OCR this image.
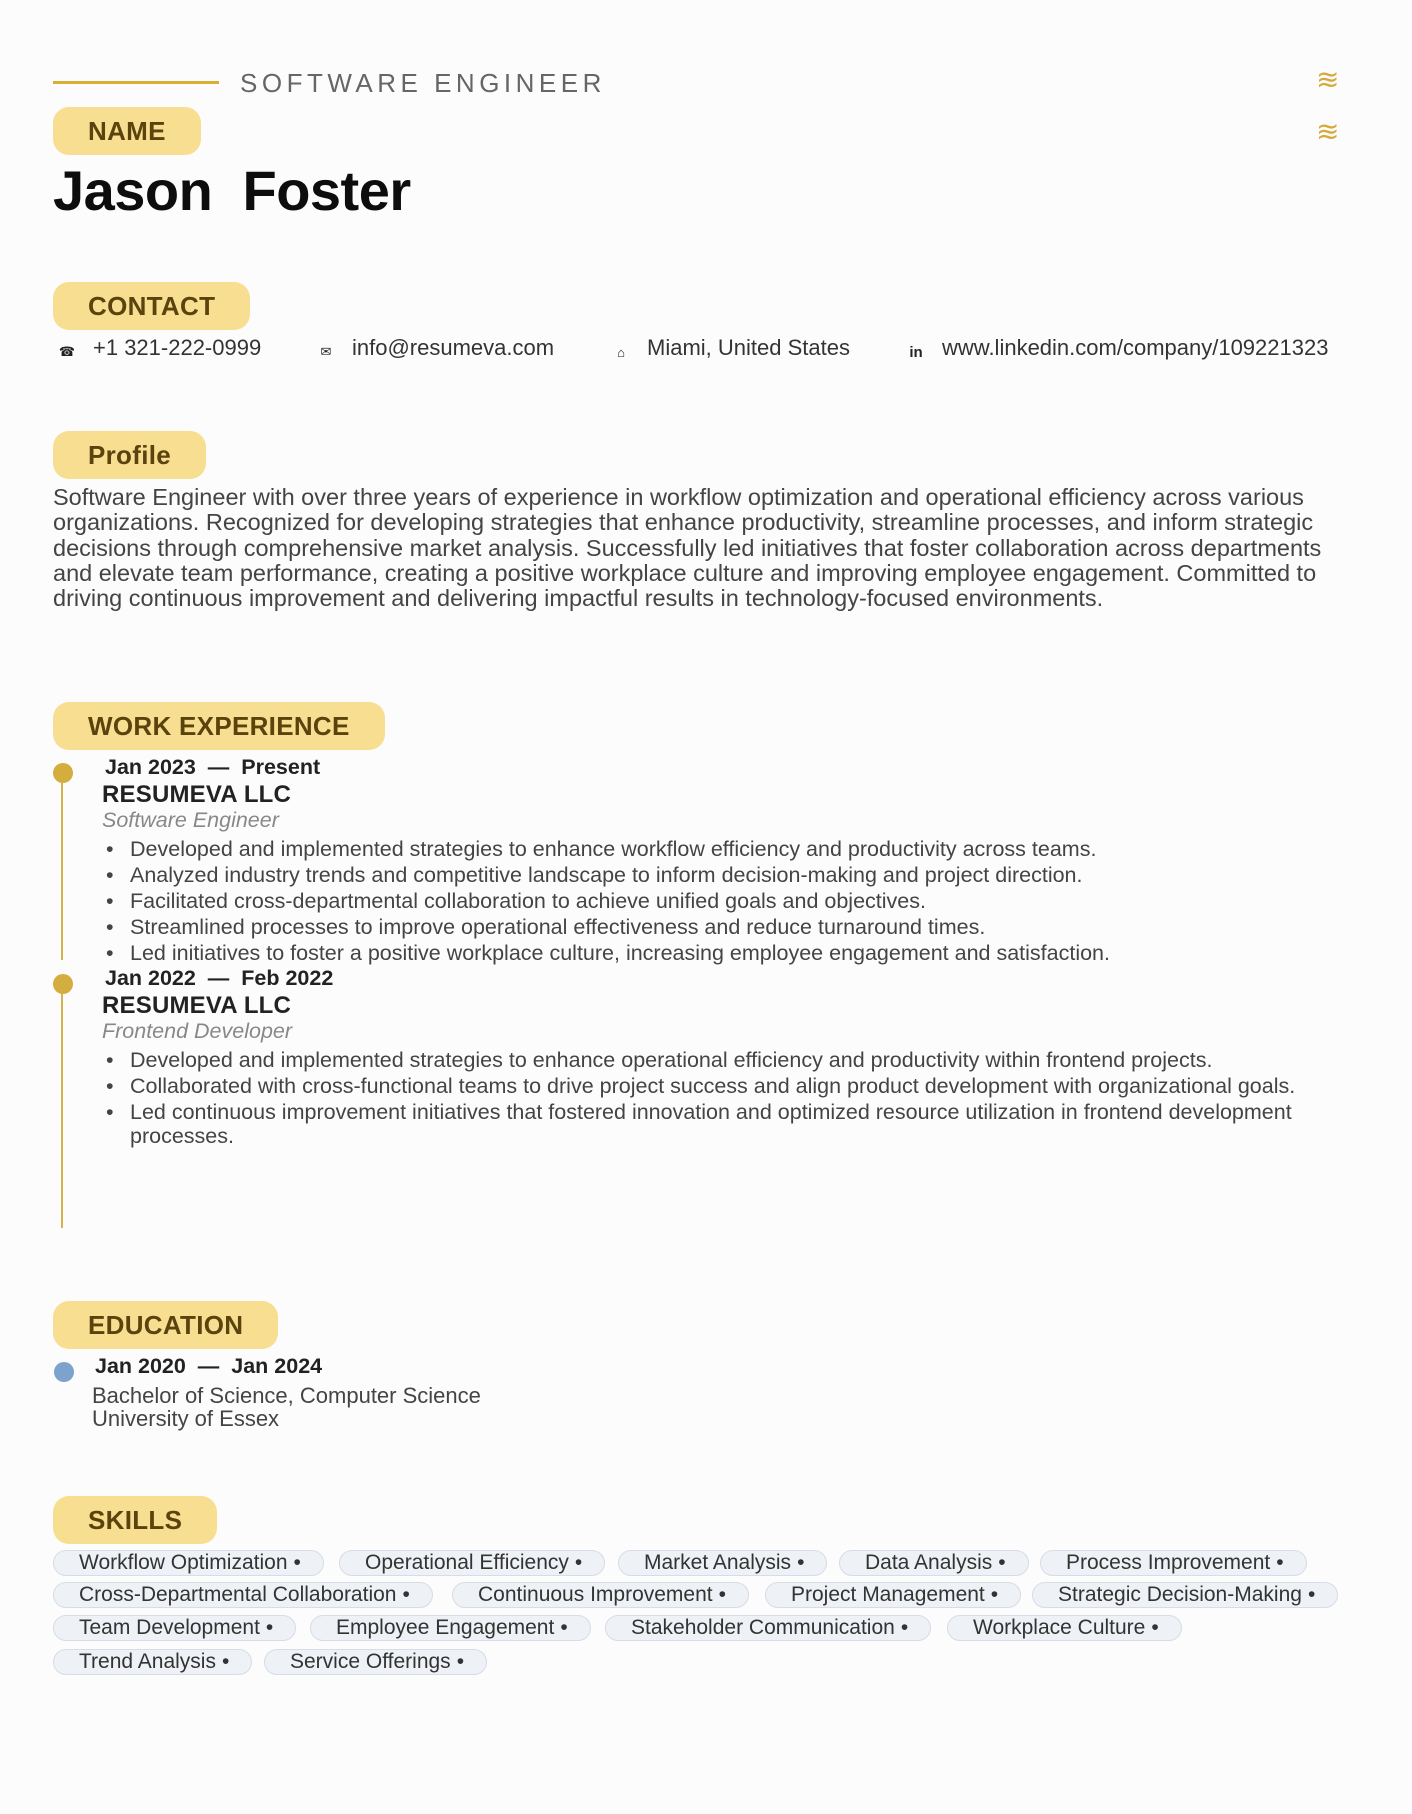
SOFTWARE ENGINEER	≋
≋
NAME
Jason Foster
CONTACT
☎ +1 321-222-0999	✉ info@resumeva.com	⌂ Miami, United States	in www.linkedin.com/company/109221323
Profile
Software Engineer with over three years of experience in workflow optimization and operational efficiency across various organizations. Recognized for developing strategies that enhance productivity, streamline processes, and inform strategic decisions through comprehensive market analysis. Successfully led initiatives that foster collaboration across departments and elevate team performance, creating a positive workplace culture and improving employee engagement. Committed to driving continuous improvement and delivering impactful results in technology-focused environments.
WORK EXPERIENCE
Jan 2023  —  Present
RESUMEVA LLC
Software Engineer
• Developed and implemented strategies to enhance workflow efficiency and productivity across teams.
• Analyzed industry trends and competitive landscape to inform decision-making and project direction.
• Facilitated cross-departmental collaboration to achieve unified goals and objectives.
• Streamlined processes to improve operational effectiveness and reduce turnaround times.
• Led initiatives to foster a positive workplace culture, increasing employee engagement and satisfaction.
Jan 2022  —  Feb 2022
RESUMEVA LLC
Frontend Developer
• Developed and implemented strategies to enhance operational efficiency and productivity within frontend projects.
• Collaborated with cross-functional teams to drive project success and align product development with organizational goals.
• Led continuous improvement initiatives that fostered innovation and optimized resource utilization in frontend development processes.
EDUCATION
Jan 2020  —  Jan 2024
Bachelor of Science, Computer Science
University of Essex
SKILLS
Workflow Optimization •	Operational Efficiency •	Market Analysis •	Data Analysis •	Process Improvement •
Cross-Departmental Collaboration •	Continuous Improvement •	Project Management •	Strategic Decision-Making •
Team Development •	Employee Engagement •	Stakeholder Communication •	Workplace Culture •
Trend Analysis •	Service Offerings •
